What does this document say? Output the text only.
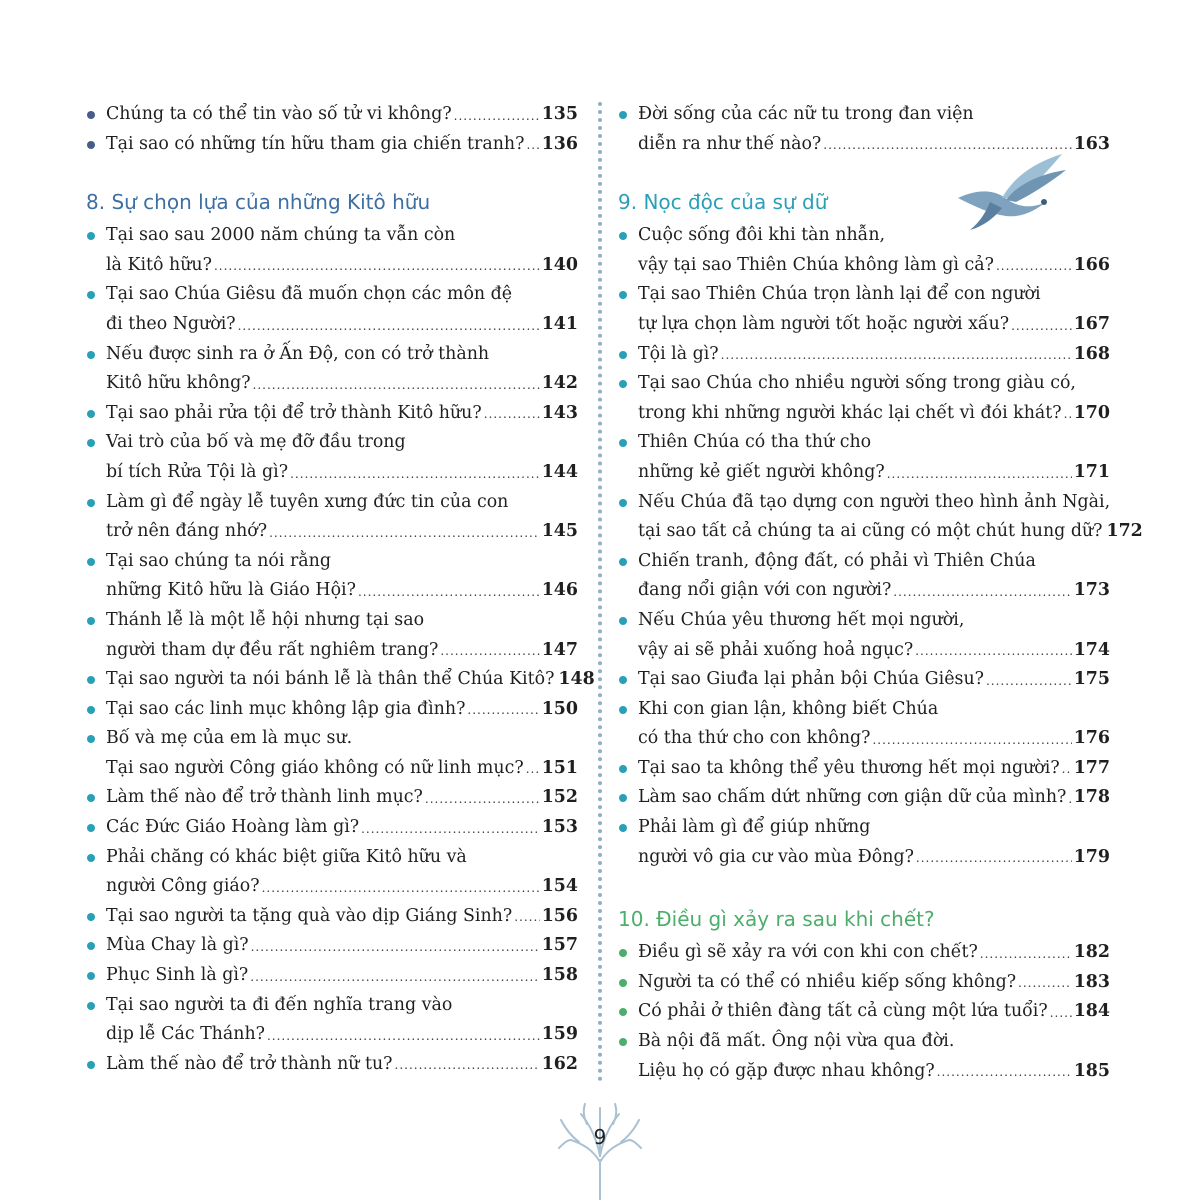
Chúng ta có thể tin vào số tử vi không? .....	135
Tại sao có những tín hữu tham gia chiến tranh? ..... 136
8. Sự chọn lựa của những Kitô hữu
Tại sao sau 2000 năm chúng ta vẫn còn
là Kitô hữu? .....	140
Tại sao Chúa Giêsu đã muốn chọn các môn đệ
đi theo Người? .....	141
Nếu được sinh ra ở Ấn Độ, con có trở thành
Kitô hữu không? .....	142
Tại sao phải rửa tội để trở thành Kitô hữu? .....	143
Vai trò của bố và mẹ đỡ đầu trong
bí tích Rửa Tội là gì? .....	144
Làm gì để ngày lễ tuyên xưng đức tin của con
trở nên đáng nhớ? .....	145
Tại sao chúng ta nói rằng
những Kitô hữu là Giáo Hội? .....	146
Thánh lễ là một lễ hội nhưng tại sao
người tham dự đều rất nghiêm trang? .....	147
Tại sao người ta nói bánh lễ là thân thể Chúa Kitô? 148
Tại sao các linh mục không lập gia đình? .....	150
Bố và mẹ của em là mục sư.
Tại sao người Công giáo không có nữ linh mục? ..... 151
Làm thế nào để trở thành linh mục? .....	152
Các Đức Giáo Hoàng làm gì? .....	153
Phải chăng có khác biệt giữa Kitô hữu và
người Công giáo? .....	154
Tại sao người ta tặng quà vào dịp Giáng Sinh? ..... 156
Mùa Chay là gì? .....	157
Phục Sinh là gì? .....	158
Tại sao người ta đi đến nghĩa trang vào
dịp lễ Các Thánh? .....	159
Làm thế nào để trở thành nữ tu? .....	162
Đời sống của các nữ tu trong đan viện
diễn ra như thế nào? .....	163
9. Nọc độc của sự dữ
Cuộc sống đôi khi tàn nhẫn,
vậy tại sao Thiên Chúa không làm gì cả? .....	166
Tại sao Thiên Chúa trọn lành lại để con người
tự lựa chọn làm người tốt hoặc người xấu? .....	167
Tội là gì? .....	168
Tại sao Chúa cho nhiều người sống trong giàu có,
trong khi những người khác lại chết vì đói khát? ..... 170
Thiên Chúa có tha thứ cho
những kẻ giết người không? .....	171
Nếu Chúa đã tạo dựng con người theo hình ảnh Ngài,
tại sao tất cả chúng ta ai cũng có một chút hung dữ? 172
Chiến tranh, động đất, có phải vì Thiên Chúa
đang nổi giận với con người? .....	173
Nếu Chúa yêu thương hết mọi người,
vậy ai sẽ phải xuống hoả ngục? .....	174
Tại sao Giuđa lại phản bội Chúa Giêsu? .....	175
Khi con gian lận, không biết Chúa
có tha thứ cho con không? .....	176
Tại sao ta không thể yêu thương hết mọi người? ..... 177
Làm sao chấm dứt những cơn giận dữ của mình? ..... 178
Phải làm gì để giúp những
người vô gia cư vào mùa Đông? .....	179
10. Điều gì xảy ra sau khi chết?
Điều gì sẽ xảy ra với con khi con chết? .....	182
Người ta có thể có nhiều kiếp sống không? .....	183
Có phải ở thiên đàng tất cả cùng một lứa tuổi? ..... 184
Bà nội đã mất. Ông nội vừa qua đời.
Liệu họ có gặp được nhau không? .....	185
9
